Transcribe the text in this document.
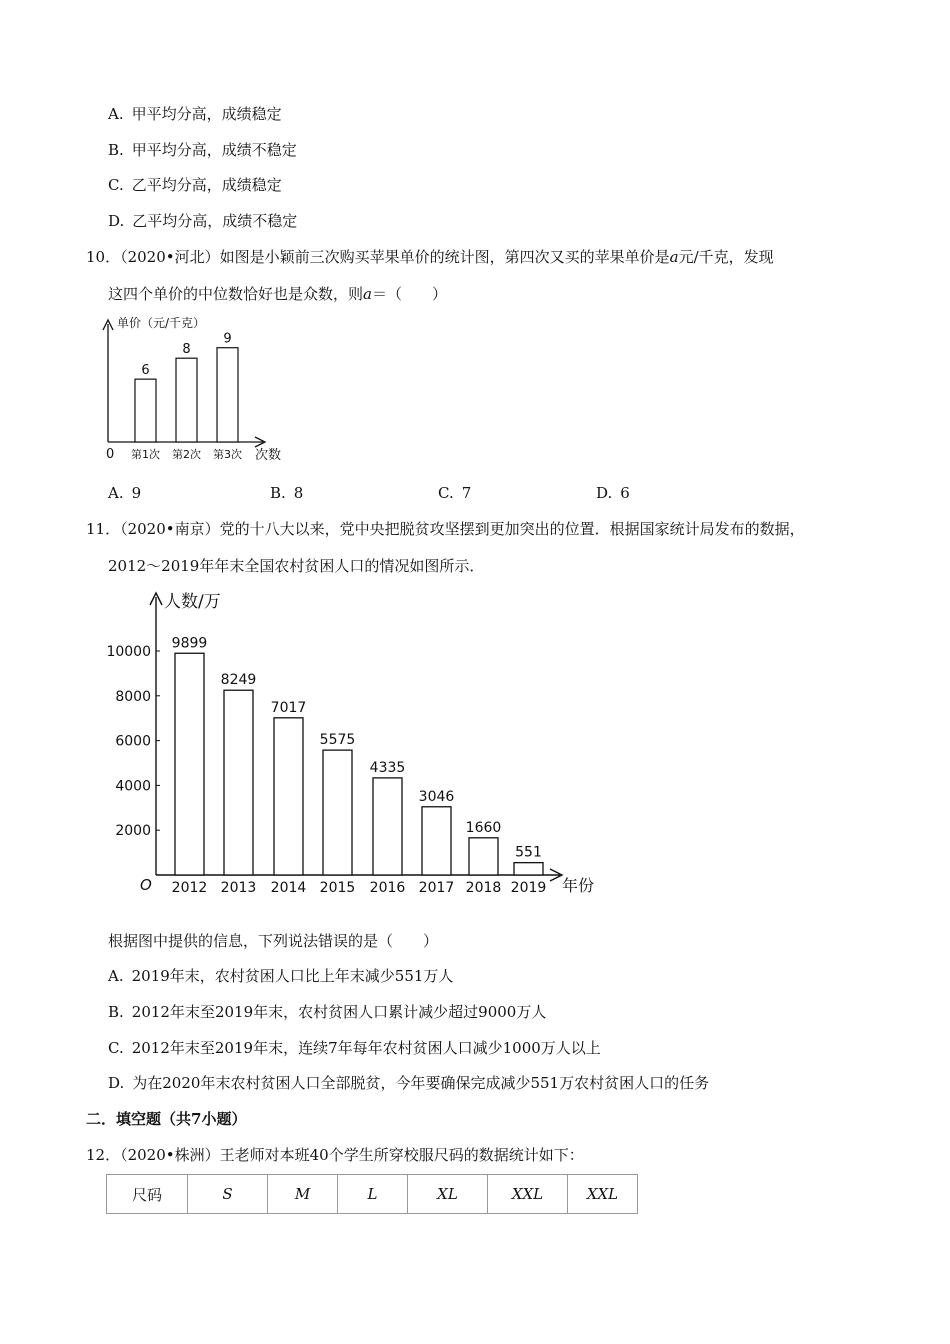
A. 甲平均分高，成绩稳定
B. 甲平均分高，成绩不稳定
C. 乙平均分高，成绩稳定
D. 乙平均分高，成绩不稳定
10．（2020•河北）如图是小颖前三次购买苹果单价的统计图，第四次又买的苹果单价是a元/千克，发现
这四个单价的中位数恰好也是众数，则a＝（　　）
6
第1次
8
第2次
9
第3次
单价（元/千克）
次数
0
A. 9	B. 8	C. 7	D. 6
11．（2020•南京）党的十八大以来，党中央把脱贫攻坚摆到更加突出的位置．根据国家统计局发布的数据，
2012～2019年年末全国农村贫困人口的情况如图所示．
2000
4000
6000
8000
10000
9899
2012
8249
2013
7017
2014
5575
2015
4335
2016
3046
2017
1660
2018
551
2019
人数/万
年份
O
根据图中提供的信息，下列说法错误的是（　　）
A. 2019年末，农村贫困人口比上年末减少551万人
B. 2012年末至2019年末，农村贫困人口累计减少超过9000万人
C. 2012年末至2019年末，连续7年每年农村贫困人口减少1000万人以上
D. 为在2020年末农村贫困人口全部脱贫，今年要确保完成减少551万农村贫困人口的任务
二．填空题（共7小题）
12．（2020•株洲）王老师对本班40个学生所穿校服尺码的数据统计如下：
尺码	S	M	L	XL	XXL	XXL
